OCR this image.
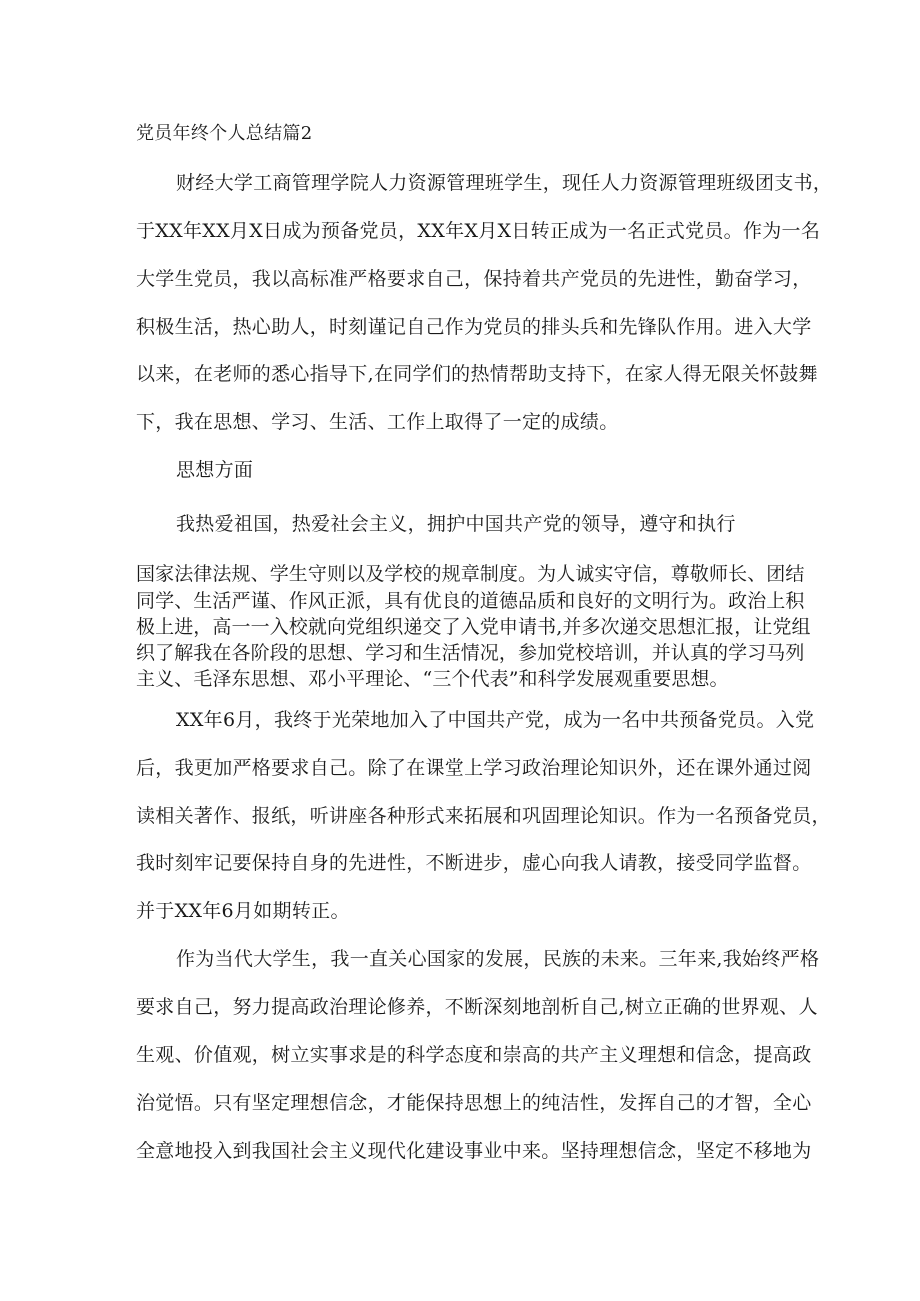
党员年终个人总结篇2
财经大学工商管理学院人力资源管理班学生，现任人力资源管理班级团支书，
于XX年XX月X日成为预备党员，XX年X月X日转正成为一名正式党员。作为一名
大学生党员，我以高标准严格要求自己，保持着共产党员的先进性，勤奋学习，
积极生活，热心助人，时刻谨记自己作为党员的排头兵和先锋队作用。进入大学
以来，在老师的悉心指导下,在同学们的热情帮助支持下，在家人得无限关怀鼓舞
下，我在思想、学习、生活、工作上取得了一定的成绩。
思想方面
我热爱祖国，热爱社会主义，拥护中国共产党的领导，遵守和执行
国家法律法规、学生守则以及学校的规章制度。为人诚实守信，尊敬师长、团结
同学、生活严谨、作风正派，具有优良的道德品质和良好的文明行为。政治上积
极上进，高一一入校就向党组织递交了入党申请书,并多次递交思想汇报，让党组
织了解我在各阶段的思想、学习和生活情况，参加党校培训，并认真的学习马列
主义、毛泽东思想、邓小平理论、“三个代表”和科学发展观重要思想。
XX年6月，我终于光荣地加入了中国共产党，成为一名中共预备党员。入党
后，我更加严格要求自己。除了在课堂上学习政治理论知识外，还在课外通过阅
读相关著作、报纸，听讲座各种形式来拓展和巩固理论知识。作为一名预备党员，
我时刻牢记要保持自身的先进性，不断进步，虚心向我人请教，接受同学监督。
并于XX年6月如期转正。
作为当代大学生，我一直关心国家的发展，民族的未来。三年来,我始终严格
要求自己，努力提高政治理论修养，不断深刻地剖析自己,树立正确的世界观、人
生观、价值观，树立实事求是的科学态度和崇高的共产主义理想和信念，提高政
治觉悟。只有坚定理想信念，才能保持思想上的纯洁性，发挥自己的才智，全心
全意地投入到我国社会主义现代化建设事业中来。坚持理想信念，坚定不移地为
